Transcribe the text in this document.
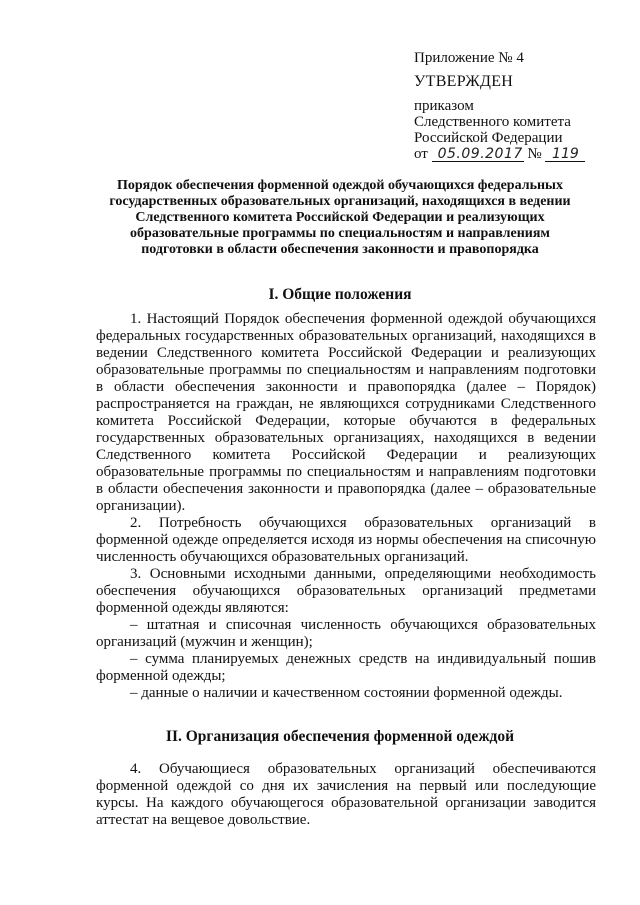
Приложение № 4

УТВЕРЖДЕН

приказом

Следственного комитета

Российской Федерации

от 05.09.2017 № 119

Порядок обеспечения форменной одеждой обучающихся федеральных государственных образовательных организаций, находящихся в ведении Следственного комитета Российской Федерации и реализующих образовательные программы по специальностям и направлениям подготовки в области обеспечения законности и правопорядка
I. Общие положения

1. Настоящий Порядок обеспечения форменной одеждой обучающихся федеральных государственных образовательных организаций, находящихся в ведении Следственного комитета Российской Федерации и реализующих образовательные программы по специальностям и направлениям подготовки в области обеспечения законности и правопорядка (далее – Порядок) распространяется на граждан, не являющихся сотрудниками Следственного комитета Российской Федерации, которые обучаются в федеральных государственных образовательных организациях, находящихся в ведении Следственного комитета Российской Федерации и реализующих образовательные программы по специальностям и направлениям подготовки в области обеспечения законности и правопорядка (далее – образовательные организации).

2. Потребность обучающихся образовательных организаций в форменной одежде определяется исходя из нормы обеспечения на списочную численность обучающихся образовательных организаций.

3. Основными исходными данными, определяющими необходимость обеспечения обучающихся образовательных организаций предметами форменной одежды являются:

– штатная и списочная численность обучающихся образовательных организаций (мужчин и женщин);

– сумма планируемых денежных средств на индивидуальный пошив форменной одежды;

– данные о наличии и качественном состоянии форменной одежды.

II. Организация обеспечения форменной одеждой

4. Обучающиеся образовательных организаций обеспечиваются форменной одеждой со дня их зачисления на первый или последующие курсы. На каждого обучающегося образовательной организации заводится аттестат на вещевое довольствие.
